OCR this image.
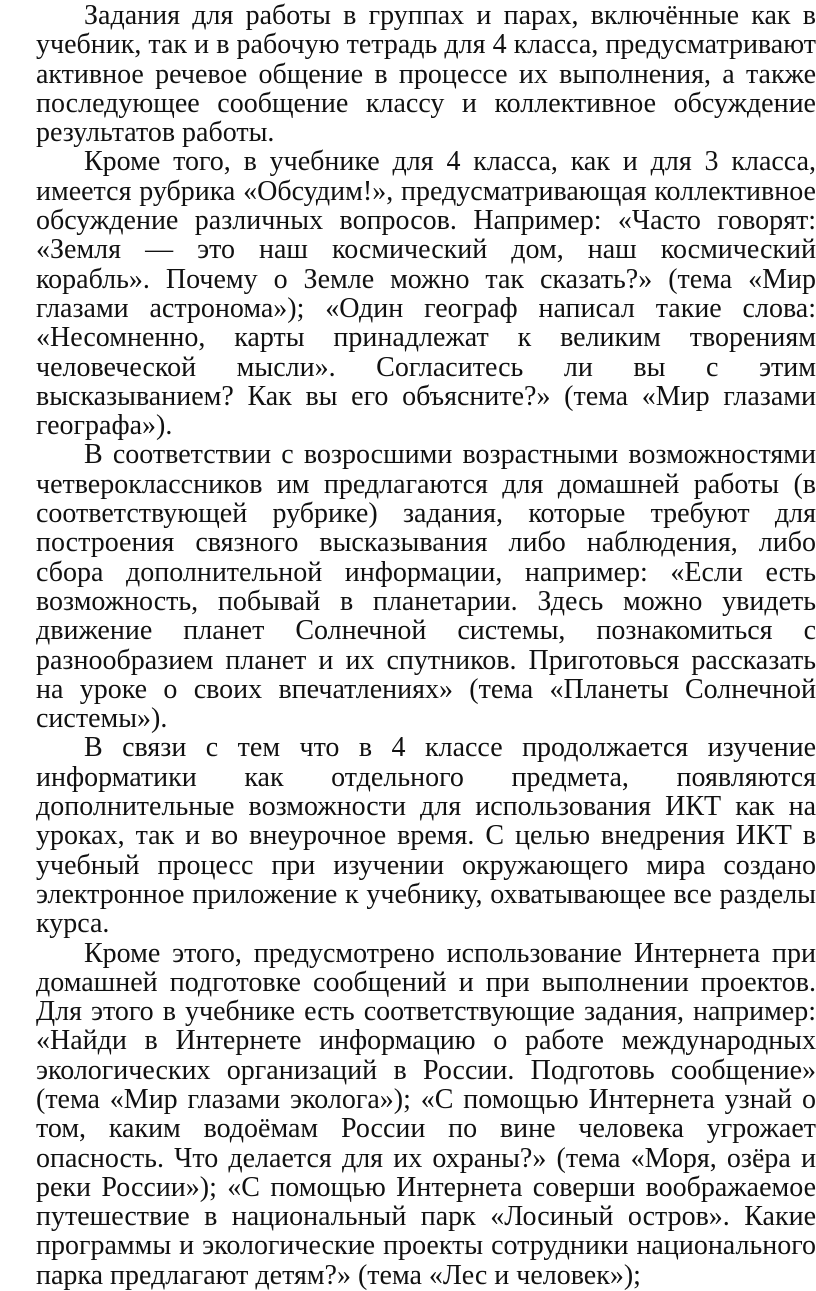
Задания для работы в группах и парах, включённые как в учебник, так и в рабочую тетрадь для 4 класса, предусматривают активное речевое общение в процессе их выполнения, а также последующее сообщение классу и коллективное обсуждение результатов работы.

Кроме того, в учебнике для 4 класса, как и для 3 класса, имеется рубрика «Обсудим!», предусматривающая коллективное обсуждение различных вопросов. Например: «Часто говорят: «Земля — это наш космический дом, наш космический корабль». Почему о Земле можно так сказать?» (тема «Мир глазами астронома»); «Один географ написал такие слова: «Несомненно, карты принадлежат к великим творениям человеческой мысли». Согласитесь ли вы с этим высказыванием? Как вы его объясните?» (тема «Мир глазами географа»).

В соответствии с возросшими возрастными возможностями четвероклассников им предлагаются для домашней работы (в соответствующей рубрике) задания, которые требуют для построения связного высказывания либо наблюдения, либо сбора дополнительной информации, например: «Если есть возможность, побывай в планетарии. Здесь можно увидеть движение планет Солнечной системы, познакомиться с разнообразием планет и их спутников. Приготовься рассказать на уроке о своих впечатлениях» (тема «Планеты Солнечной системы»).

В связи с тем что в 4 классе продолжается изучение информатики как отдельного предмета, появляются дополнительные возможности для использования ИКТ как на уроках, так и во внеурочное время. С целью внедрения ИКТ в учебный процесс при изучении окружающего мира создано электронное приложение к учебнику, охватывающее все разделы курса.

Кроме этого, предусмотрено использование Интернета при домашней подготовке сообщений и при выполнении проектов. Для этого в учебнике есть соответствующие задания, например: «Найди в Интернете информацию о работе международных экологических организаций в России. Подготовь сообщение» (тема «Мир глазами эколога»); «С помощью Интернета узнай о том, каким водоёмам России по вине человека угрожает опасность. Что делается для их охраны?» (тема «Моря, озёра и реки России»); «С помощью Интернета соверши воображаемое путешествие в национальный парк «Лосиный остров». Какие программы и экологические проекты сотрудники национального парка предлагают детям?» (тема «Лес и человек»);
